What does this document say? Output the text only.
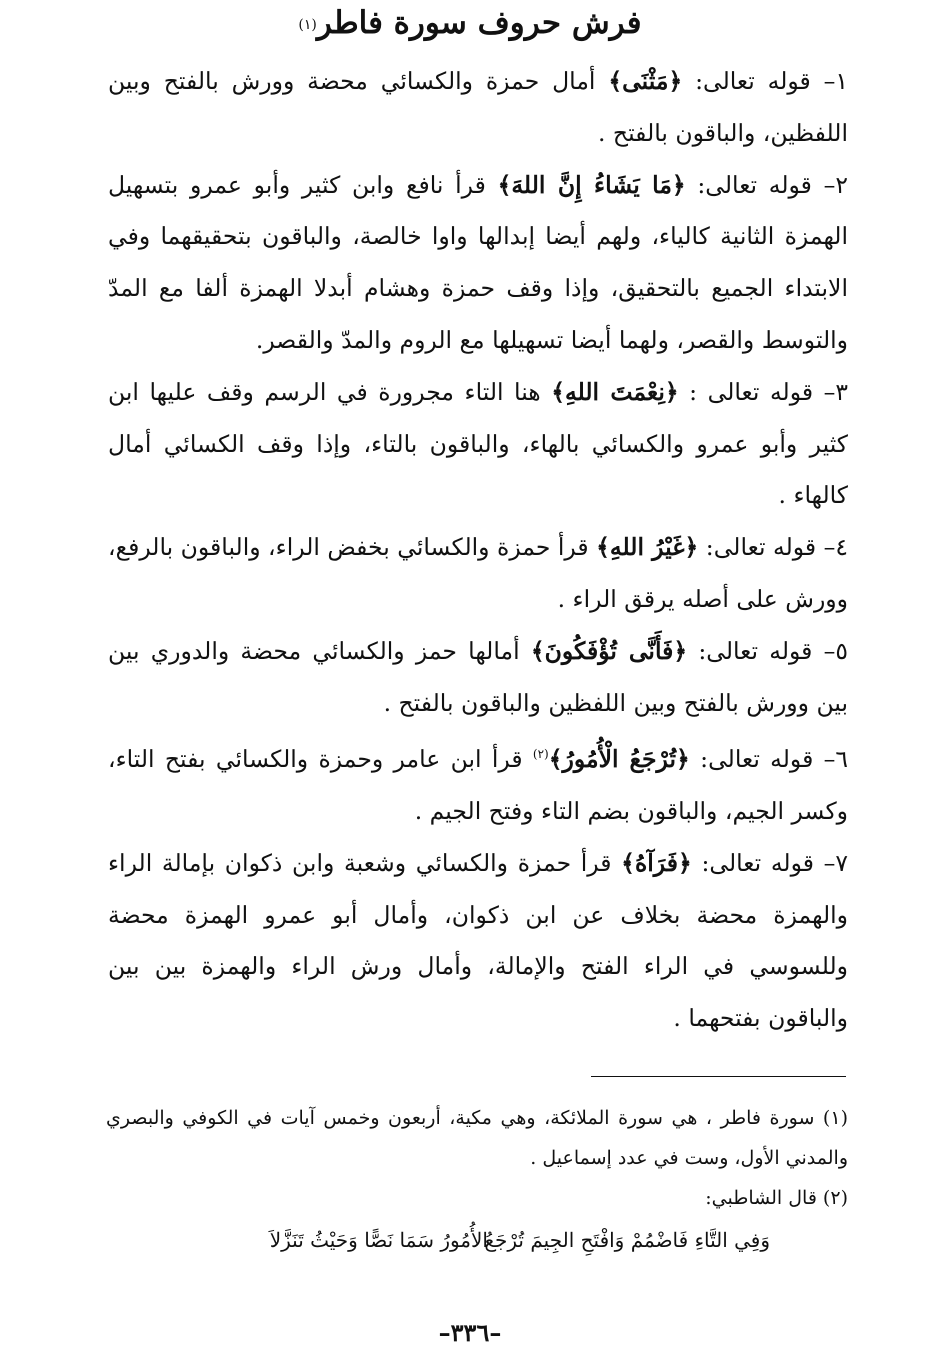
فرش حروف سورة فاطر$^{(١)}$

١– قوله تعالى: ﴿مَثْنَى﴾ أمال حمزة والكسائي محضة وورش بالفتح وبين اللفظين، والباقون بالفتح .

٢– قوله تعالى: ﴿مَا يَشَاءُ إِنَّ اللهَ﴾ قرأ نافع وابن كثير وأبو عمرو بتسهيل الهمزة الثانية كالياء، ولهم أيضا إبدالها واوا خالصة، والباقون بتحقيقهما وفي الابتداء الجميع بالتحقيق، وإذا وقف حمزة وهشام أبدلا الهمزة ألفا مع المدّ والتوسط والقصر، ولهما أيضا تسهيلها مع الروم والمدّ والقصر.

٣– قوله تعالى : ﴿نِعْمَتَ اللهِ﴾ هنا التاء مجرورة في الرسم وقف عليها ابن كثير وأبو عمرو والكسائي بالهاء، والباقون بالتاء، وإذا وقف الكسائي أمال كالهاء .

٤– قوله تعالى: ﴿غَيْرُ اللهِ﴾ قرأ حمزة والكسائي بخفض الراء، والباقون بالرفع، وورش على أصله يرقق الراء .

٥– قوله تعالى: ﴿فَأَنَّى تُؤْفَكُونَ﴾ أمالها حمز والكسائي محضة والدوري بين بين وورش بالفتح وبين اللفظين والباقون بالفتح .

٦– قوله تعالى: ﴿تُرْجَعُ الْأُمُورُ﴾$^{(٢)}$ قرأ ابن عامر وحمزة والكسائي بفتح التاء، وكسر الجيم، والباقون بضم التاء وفتح الجيم .

٧– قوله تعالى: ﴿فَرَآهُ﴾ قرأ حمزة والكسائي وشعبة وابن ذكوان بإمالة الراء والهمزة محضة بخلاف عن ابن ذكوان، وأمال أبو عمرو الهمزة محضة وللسوسي في الراء الفتح والإمالة، وأمال ورش الراء والهمزة بين بين والباقون بفتحهما .

(١) سورة فاطر ، هي سورة الملائكة، وهي مكية، أربعون وخمس آيات في الكوفي والبصري والمدني الأول، وست في عدد إسماعيل .

(٢) قال الشاطبي:

وَفِي التَّاءِ فَاضْمُمْ وَافْتَحِ الجِيمَ تُرْجَعُ
الأُمُورُ سَمَا نَصًّا وَحَيْثُ تَنَزَّلاَ
–٣٣٦–
